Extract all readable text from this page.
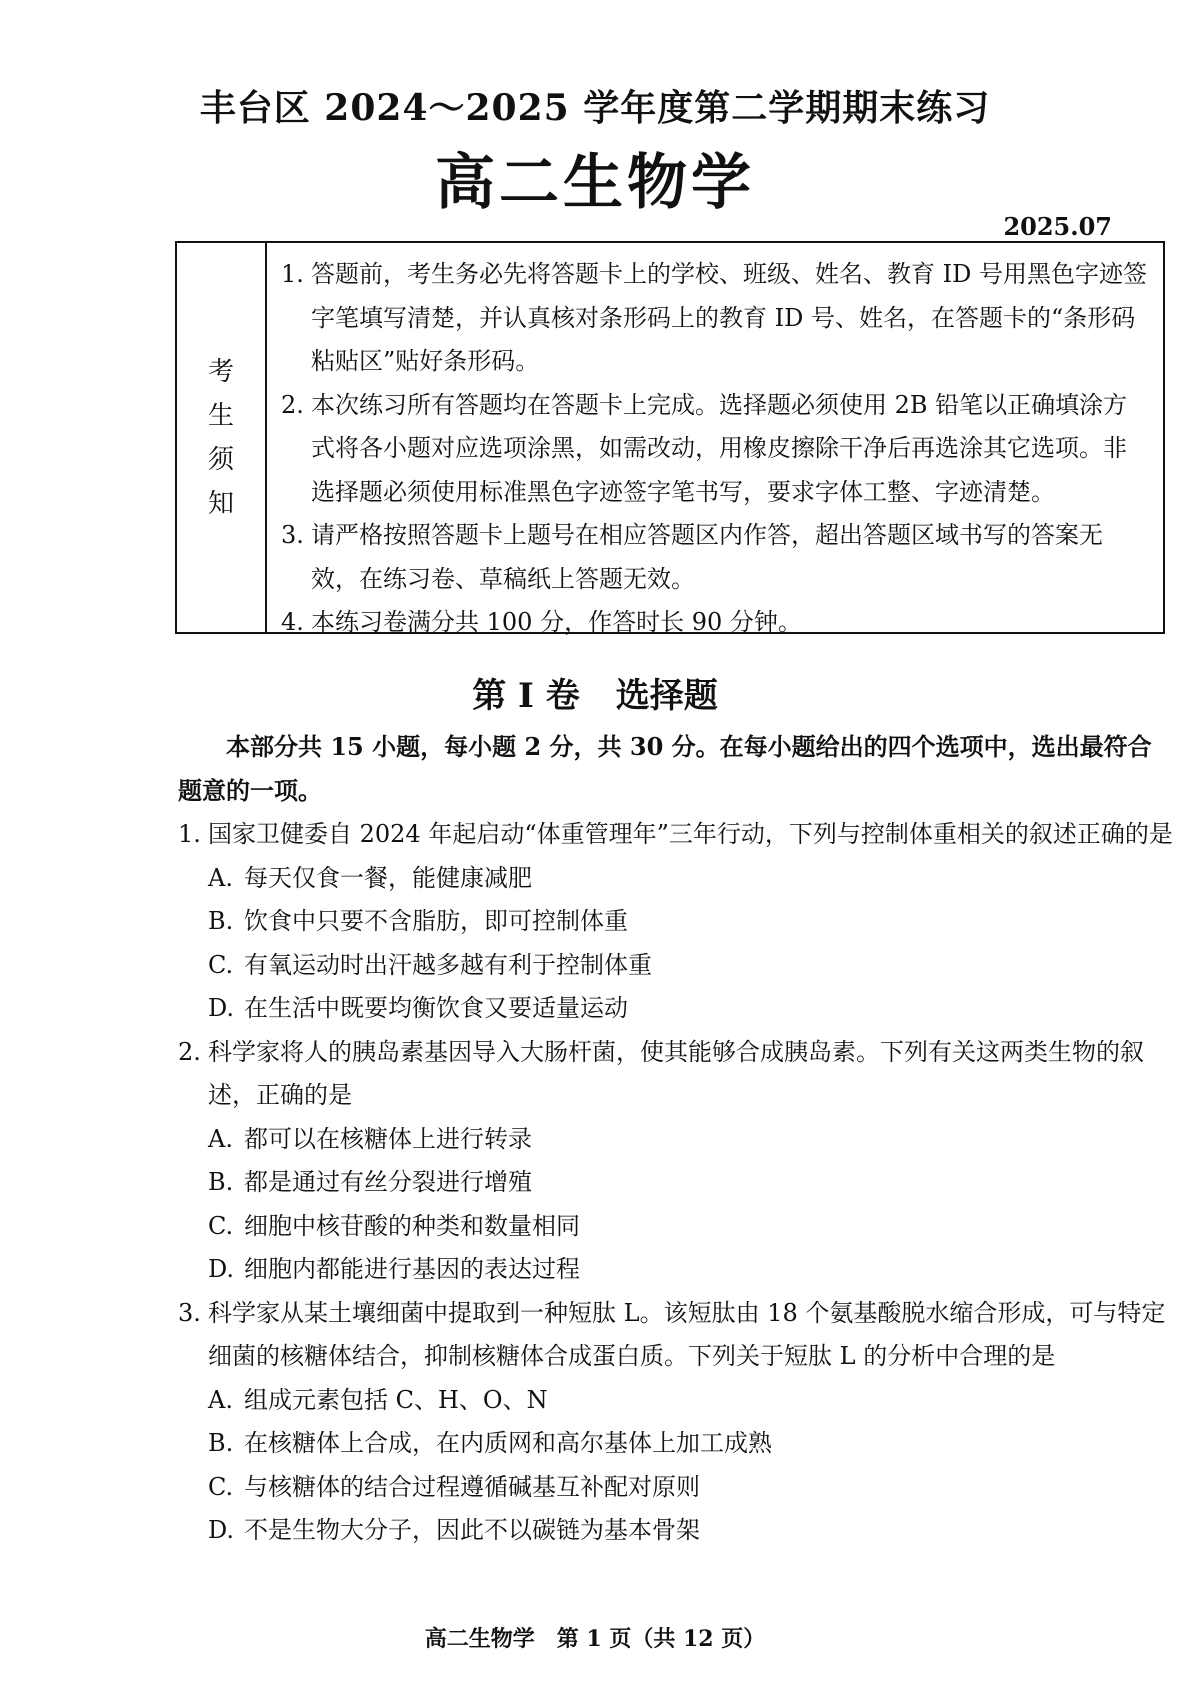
丰台区 2024～2025 学年度第二学期期末练习
高二生物学
2025.07
考
生
须
知
1. 答题前，考生务必先将答题卡上的学校、班级、姓名、教育 ID 号用黑色字迹签字笔填写清楚，并认真核对条形码上的教育 ID 号、姓名，在答题卡的“条形码粘贴区”贴好条形码。
2. 本次练习所有答题均在答题卡上完成。选择题必须使用 2B 铅笔以正确填涂方式将各小题对应选项涂黑，如需改动，用橡皮擦除干净后再选涂其它选项。非选择题必须使用标准黑色字迹签字笔书写，要求字体工整、字迹清楚。
3. 请严格按照答题卡上题号在相应答题区内作答，超出答题区域书写的答案无效，在练习卷、草稿纸上答题无效。
4. 本练习卷满分共 100 分，作答时长 90 分钟。
第 I 卷 选择题
本部分共 15 小题，每小题 2 分，共 30 分。在每小题给出的四个选项中，选出最符合题意的一项。
1. 国家卫健委自 2024 年起启动“体重管理年”三年行动，下列与控制体重相关的叙述正确的是
A. 每天仅食一餐，能健康减肥
B. 饮食中只要不含脂肪，即可控制体重
C. 有氧运动时出汗越多越有利于控制体重
D. 在生活中既要均衡饮食又要适量运动
2. 科学家将人的胰岛素基因导入大肠杆菌，使其能够合成胰岛素。下列有关这两类生物的叙述，正确的是
A. 都可以在核糖体上进行转录
B. 都是通过有丝分裂进行增殖
C. 细胞中核苷酸的种类和数量相同
D. 细胞内都能进行基因的表达过程
3. 科学家从某土壤细菌中提取到一种短肽 L。该短肽由 18 个氨基酸脱水缩合形成，可与特定细菌的核糖体结合，抑制核糖体合成蛋白质。下列关于短肽 L 的分析中合理的是
A. 组成元素包括 C、H、O、N
B. 在核糖体上合成，在内质网和高尔基体上加工成熟
C. 与核糖体的结合过程遵循碱基互补配对原则
D. 不是生物大分子，因此不以碳链为基本骨架
高二生物学　第 1 页（共 12 页）
